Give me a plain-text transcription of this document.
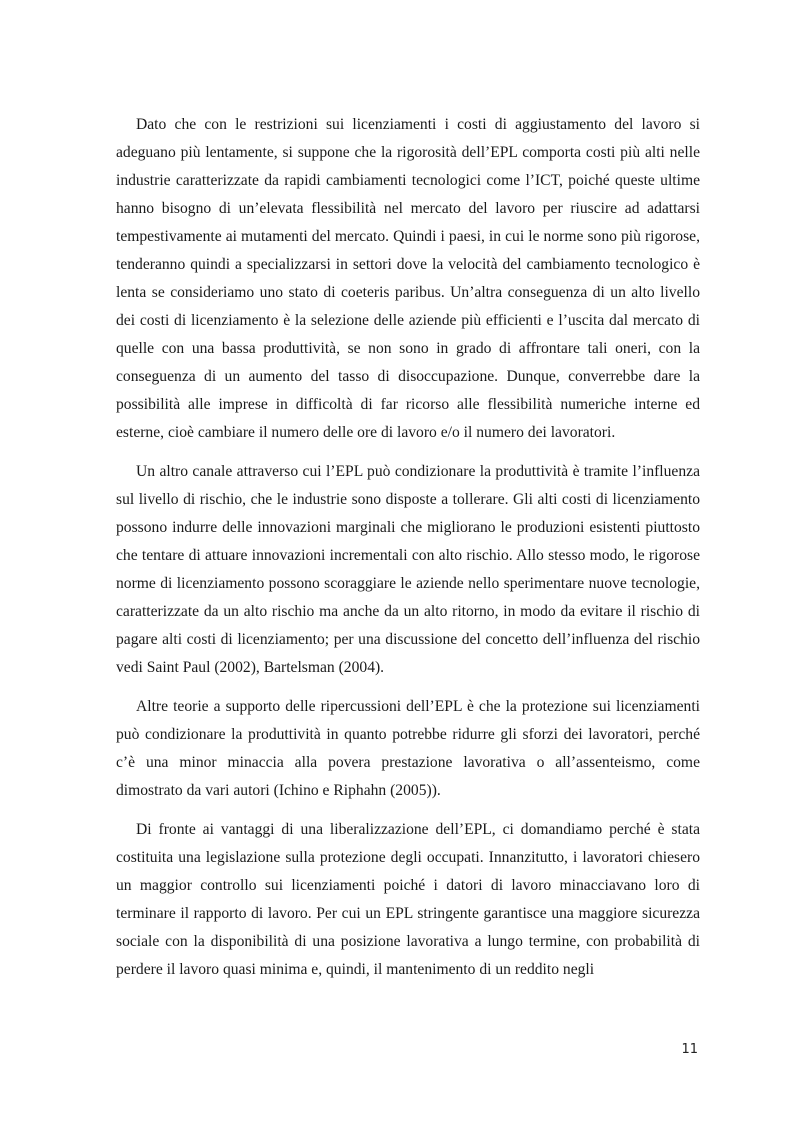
Dato che con le restrizioni sui licenziamenti i costi di aggiustamento del lavoro si adeguano più lentamente, si suppone che la rigorosità dell’EPL comporta costi più alti nelle industrie caratterizzate da rapidi cambiamenti tecnologici come l’ICT, poiché queste ultime hanno bisogno di un’elevata flessibilità nel mercato del lavoro per riuscire ad adattarsi tempestivamente ai mutamenti del mercato. Quindi i paesi, in cui le norme sono più rigorose, tenderanno quindi a specializzarsi in settori dove la velocità del cambiamento tecnologico è lenta se consideriamo uno stato di coeteris paribus. Un’altra conseguenza di un alto livello dei costi di licenziamento è la selezione delle aziende più efficienti e l’uscita dal mercato di quelle con una bassa produttività, se non sono in grado di affrontare tali oneri, con la conseguenza di un aumento del tasso di disoccupazione. Dunque, converrebbe dare la possibilità alle imprese in difficoltà di far ricorso alle flessibilità numeriche interne ed esterne, cioè cambiare il numero delle ore di lavoro e/o il numero dei lavoratori.

Un altro canale attraverso cui l’EPL può condizionare la produttività è tramite l’influenza sul livello di rischio, che le industrie sono disposte a tollerare. Gli alti costi di licenziamento possono indurre delle innovazioni marginali che migliorano le produzioni esistenti piuttosto che tentare di attuare innovazioni incrementali con alto rischio. Allo stesso modo, le rigorose norme di licenziamento possono scoraggiare le aziende nello sperimentare nuove tecnologie, caratterizzate da un alto rischio ma anche da un alto ritorno, in modo da evitare il rischio di pagare alti costi di licenziamento; per una discussione del concetto dell’influenza del rischio vedi Saint Paul (2002), Bartelsman (2004).

Altre teorie a supporto delle ripercussioni dell’EPL è che la protezione sui licenziamenti può condizionare la produttività in quanto potrebbe ridurre gli sforzi dei lavoratori, perché c’è una minor minaccia alla povera prestazione lavorativa o all’assenteismo, come dimostrato da vari autori (Ichino e Riphahn (2005)).

Di fronte ai vantaggi di una liberalizzazione dell’EPL, ci domandiamo perché è stata costituita una legislazione sulla protezione degli occupati. Innanzitutto, i lavoratori chiesero un maggior controllo sui licenziamenti poiché i datori di lavoro minacciavano loro di terminare il rapporto di lavoro. Per cui un EPL stringente garantisce una maggiore sicurezza sociale con la disponibilità di una posizione lavorativa a lungo termine, con probabilità di perdere il lavoro quasi minima e, quindi, il mantenimento di un reddito negli

11
